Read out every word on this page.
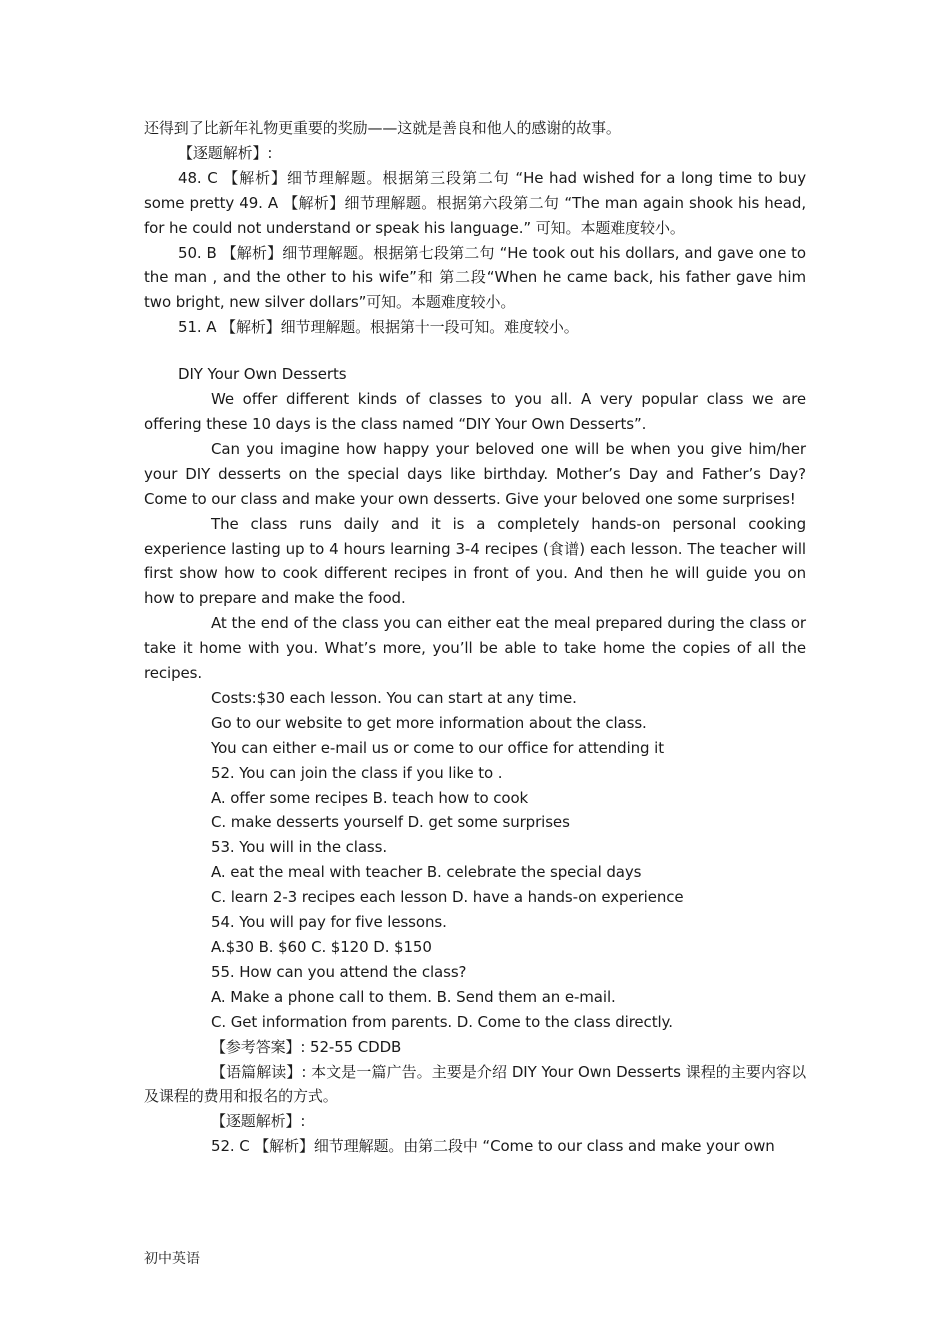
还得到了比新年礼物更重要的奖励——这就是善良和他人的感谢的故事。

【逐题解析】:

48. C 【解析】细节理解题。根据第三段第二句 “He had wished for a long time to buy some pretty 49. A 【解析】细节理解题。根据第六段第二句 “The man again shook his head, for he could not understand or speak his language.” 可知。本题难度较小。

50. B 【解析】细节理解题。根据第七段第二句 “He took out his dollars, and gave one to the man , and the other to his wife”和 第二段“When he came back, his father gave him two bright, new silver dollars”可知。本题难度较小。

51. A 【解析】细节理解题。根据第十一段可知。难度较小。

DIY Your Own Desserts

We offer different kinds of classes to you all. A very popular class we are offering these 10 days is the class named “DIY Your Own Desserts”.

Can you imagine how happy your beloved one will be when you give him/her your DIY desserts on the special days like birthday. Mother’s Day and Father’s Day? Come to our class and make your own desserts. Give your beloved one some surprises!

The class runs daily and it is a completely hands-on personal cooking experience lasting up to 4 hours learning 3-4 recipes (食谱) each lesson. The teacher will first show how to cook different recipes in front of you. And then he will guide you on how to prepare and make the food.

At the end of the class you can either eat the meal prepared during the class or take it home with you. What’s more, you’ll be able to take home the copies of all the recipes.

Costs:$30 each lesson. You can start at any time.

Go to our website to get more information about the class.

You can either e-mail us or come to our office for attending it

52. You can join the class if you like to .

A. offer some recipes B. teach how to cook

C. make desserts yourself D. get some surprises

53. You will in the class.

A. eat the meal with teacher B. celebrate the special days

C. learn 2-3 recipes each lesson D. have a hands-on experience

54. You will pay for five lessons.

A.$30 B. $60 C. $120 D. $150

55. How can you attend the class?

A. Make a phone call to them. B. Send them an e-mail.

C. Get information from parents. D. Come to the class directly.

【参考答案】: 52-55 CDDB

【语篇解读】: 本文是一篇广告。主要是介绍 DIY Your Own Desserts 课程的主要内容以及课程的费用和报名的方式。

【逐题解析】:

52. C 【解析】细节理解题。由第二段中 “Come to our class and make your own

初中英语
